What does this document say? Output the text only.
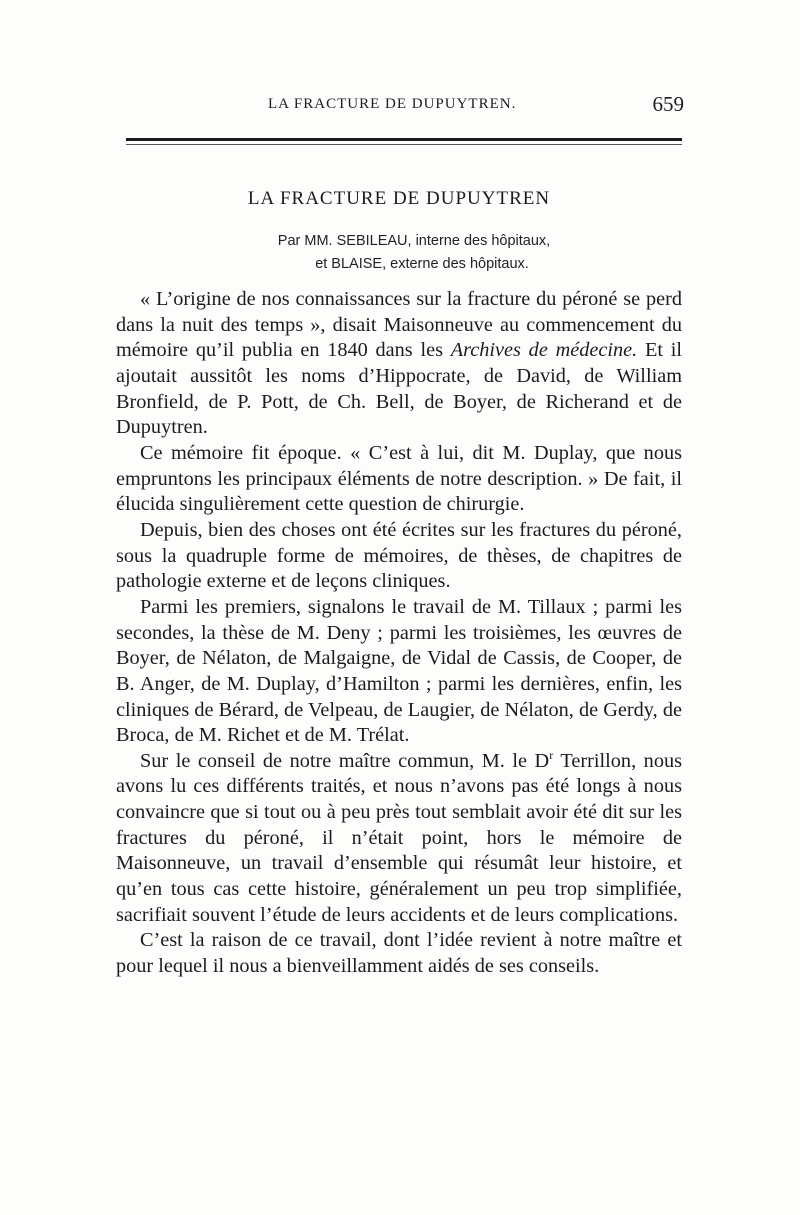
LA FRACTURE DE DUPUYTREN.	659
LA FRACTURE DE DUPUYTREN
Par MM. SEBILEAU, interne des hôpitaux,
et BLAISE, externe des hôpitaux.

« L’origine de nos connaissances sur la fracture du péroné se perd dans la nuit des temps », disait Maisonneuve au commencement du mémoire qu’il publia en 1840 dans les Archives de médecine. Et il ajoutait aussitôt les noms d’Hippocrate, de David, de William Bronfield, de P. Pott, de Ch. Bell, de Boyer, de Richerand et de Dupuytren.

Ce mémoire fit époque. « C’est à lui, dit M. Duplay, que nous empruntons les principaux éléments de notre description. » De fait, il élucida singulièrement cette question de chirurgie.

Depuis, bien des choses ont été écrites sur les fractures du péroné, sous la quadruple forme de mémoires, de thèses, de chapitres de pathologie externe et de leçons cliniques.

Parmi les premiers, signalons le travail de M. Tillaux ; parmi les secondes, la thèse de M. Deny ; parmi les troisièmes, les œuvres de Boyer, de Nélaton, de Malgaigne, de Vidal de Cassis, de Cooper, de B. Anger, de M. Duplay, d’Hamilton ; parmi les dernières, enfin, les cliniques de Bérard, de Velpeau, de Laugier, de Nélaton, de Gerdy, de Broca, de M. Richet et de M. Trélat.

Sur le conseil de notre maître commun, M. le $D^r$ Terrillon, nous avons lu ces différents traités, et nous n’avons pas été longs à nous convaincre que si tout ou à peu près tout semblait avoir été dit sur les fractures du péroné, il n’était point, hors le mémoire de Maisonneuve, un travail d’ensemble qui résumât leur histoire, et qu’en tous cas cette histoire, généralement un peu trop simplifiée, sacrifiait souvent l’étude de leurs accidents et de leurs complications.

C’est la raison de ce travail, dont l’idée revient à notre maître et pour lequel il nous a bienveillamment aidés de ses conseils.
